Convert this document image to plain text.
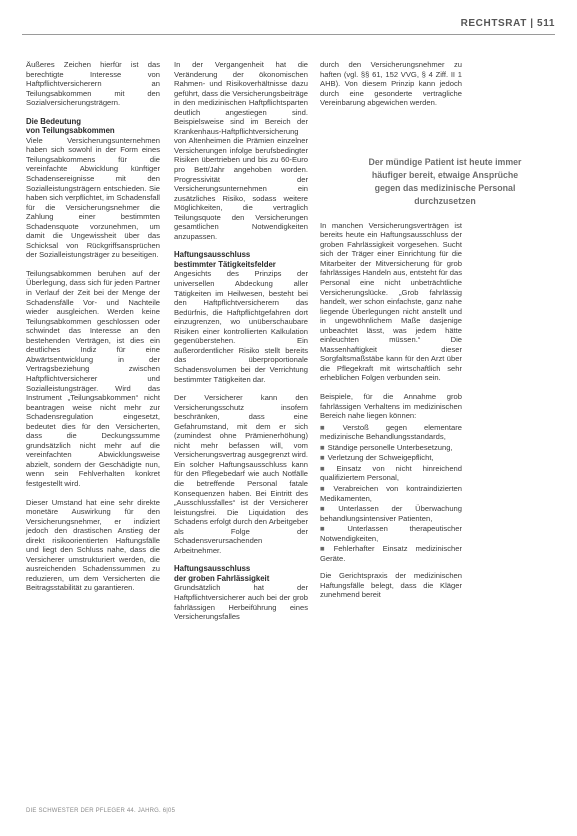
RECHTSRAT | 511

Äußeres Zeichen hierfür ist das berechtigte Interesse von Haftpflichtversicherern an Teilungsabkommen mit den Sozialversicherungsträgern.

Die Bedeutung
von Teilungsabkommen

Viele Versicherungsunternehmen haben sich sowohl in der Form eines Teilungsabkommens für die vereinfachte Abwicklung künftiger Schadensereignisse mit den Sozialleistungsträgern entschieden. Sie haben sich verpflichtet, im Schadensfall für die Versicherungsnehmer die Zahlung einer bestimmten Schadensquote vorzunehmen, um damit die Ungewissheit über das Schicksal von Rückgriffsansprüchen der Sozialleistungsträger zu beseitigen.

Teilungsabkommen beruhen auf der Überlegung, dass sich für jeden Partner in Verlauf der Zeit bei der Menge der Schadensfälle Vor- und Nachteile wieder ausgleichen. Werden keine Teilungsabkommen geschlossen oder schwindet das Interesse an den bestehenden Verträgen, ist dies ein deutliches Indiz für eine Abwärtsentwicklung in der Vertragsbeziehung zwischen Haftpflichtversicherer und Sozialleistungsträger. Wird das Instrument „Teilungsabkommen“ nicht beantragen weise nicht mehr zur Schadensregulation eingesetzt, bedeutet dies für den Versicherten, dass die Deckungssumme grundsätzlich nicht mehr auf die vereinfachten Abwicklungsweise abzielt, sondern der Geschädigte nun, wenn sein Fehlverhalten konkret festgestellt wird.

Dieser Umstand hat eine sehr direkte monetäre Auswirkung für den Versicherungsnehmer, er indiziert jedoch den drastischen Anstieg der direkt risikoorientierten Haftungsfälle und liegt den Schluss nahe, dass die Versicherer umstrukturiert werden, die ausreichenden Schadenssummen zu reduzieren, um dem Versicherten die Beitragsstabilität zu garantieren.

In der Vergangenheit hat die Veränderung der ökonomischen Rahmen- und Risikoverhältnisse dazu geführt, dass die Versicherungsbeiträge in den medizinischen Haftpflichtsparten deutlich angestiegen sind. Beispielsweise sind im Bereich der Krankenhaus-Haftpflichtversicherung von Altenheimen die Prämien einzelner Versicherungen infolge berufsbedingter Risiken übertrieben und bis zu 60-Euro pro Bett/Jahr angehoben worden. Progressivität der Versicherungsunternehmen ein zusätzliches Risiko, sodass weitere Möglichkeiten, die vertraglich Teilungsquote den Versicherungen gesamtlichen Notwendigkeiten anzupassen.

Haftungsausschluss
bestimmter Tätigkeitsfelder

Angesichts des Prinzips der universellen Abdeckung aller Tätigkeiten im Heilwesen, besteht bei den Haftpflichtversicherern das Bedürfnis, die Haftpflichtgefahren dort einzugrenzen, wo unüberschaubare Risiken einer kontrollierten Kalkulation gegenüberstehen. Ein außerordentlicher Risiko stellt bereits das überproportionale Schadensvolumen bei der Verrichtung bestimmter Tätigkeiten dar.

Der Versicherer kann den Versicherungsschutz insofern beschränken, dass eine Gefahrumstand, mit dem er sich (zumindest ohne Prämienerhöhung) nicht mehr befassen will, vom Versicherungsvertrag ausgegrenzt wird. Ein solcher Haftungsausschluss kann für den Pflegebedarf wie auch Notfälle die betreffende Personal fatale Konsequenzen haben. Bei Eintritt des „Ausschlussfalles“ ist der Versicherer leistungsfrei. Die Liquidation des Schadens erfolgt durch den Arbeitgeber als Folge der Schadensverursachenden Arbeitnehmer.

Haftungsausschluss
der groben Fahrlässigkeit

Grundsätzlich hat der Haftpflichtversicherer auch bei der grob fahrlässigen Herbeiführung eines Versicherungsfalles

durch den Versicherungsnehmer zu haften (vgl. §§ 61, 152 VVG, § 4 Ziff. II 1 AHB). Von diesem Prinzip kann jedoch durch eine gesonderte vertragliche Vereinbarung abgewichen werden.

In manchen Versicherungsverträgen ist bereits heute ein Haftungsausschluss der groben Fahrlässigkeit vorgesehen. Sucht sich der Träger einer Einrichtung für die Mitarbeiter der Mitversicherung für grob fahrlässiges Handeln aus, entsteht für das Personal eine nicht unbeträchtliche Versicherungslücke. „Grob fahrlässig handelt, wer schon einfachste, ganz nahe liegende Überlegungen nicht anstellt und in ungewöhnlichem Maße dasjenige unbeachtet lässt, was jedem hätte einleuchten müssen.“ Die Massenhaftigkeit dieser Sorgfaltsmaßstäbe kann für den Arzt über die Pflegekraft mit wirtschaftlich sehr erheblichen Folgen verbunden sein.

Beispiele, für die Annahme grob fahrlässigen Verhaltens im medizinischen Bereich nahe liegen können:

■ Verstoß gegen elementare medizinische Behandlungsstandards,
■ Ständige personelle Unterbesetzung,
■ Verletzung der Schweigepflicht,
■ Einsatz von nicht hinreichend qualifiziertem Personal,
■ Verabreichen von kontraindizierten Medikamenten,
■ Unterlassen der Überwachung behandlungsintensiver Patienten,
■ Unterlassen therapeutischer Notwendigkeiten,
■ Fehlerhafter Einsatz medizinischer Geräte.

Die Gerichtspraxis der medizinischen Haftungsfälle belegt, dass die Kläger zunehmend bereit

Der mündige Patient ist heute immer häufiger bereit, etwaige Ansprüche gegen das medizinische Personal durchzusetzen
DIE SCHWESTER DER PFLEGER 44. JAHRG. 6|05
